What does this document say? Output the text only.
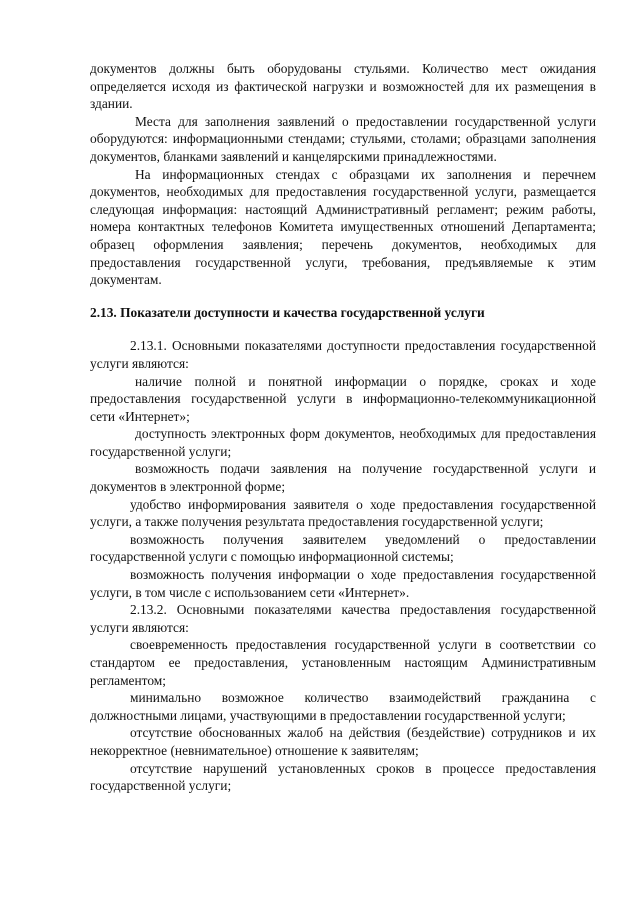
документов должны быть оборудованы стульями. Количество мест ожидания определяется исходя из фактической нагрузки и возможностей для их размещения в здании.

Места для заполнения заявлений о предоставлении государственной услуги оборудуются: информационными стендами; стульями, столами; образцами заполнения документов, бланками заявлений и канцелярскими принадлежностями.

На информационных стендах с образцами их заполнения и перечнем документов, необходимых для предоставления государственной услуги, размещается следующая информация: настоящий Административный регламент; режим работы, номера контактных телефонов Комитета имущественных отношений Департамента; образец оформления заявления; перечень документов, необходимых для предоставления государственной услуги, требования, предъявляемые к этим документам.

2.13. Показатели доступности и качества государственной услуги

2.13.1. Основными показателями доступности предоставления государственной услуги являются:

наличие полной и понятной информации о порядке, сроках и ходе предоставления государственной услуги в информационно-телекоммуникационной сети «Интернет»;

доступность электронных форм документов, необходимых для предоставления государственной услуги;

возможность подачи заявления на получение государственной услуги и документов в электронной форме;

удобство информирования заявителя о ходе предоставления государственной услуги, а также получения результата предоставления государственной услуги;

возможность получения заявителем уведомлений о предоставлении государственной услуги с помощью информационной системы;

возможность получения информации о ходе предоставления государственной услуги, в том числе с использованием сети «Интернет».

2.13.2. Основными показателями качества предоставления государственной услуги являются:

своевременность предоставления государственной услуги в соответствии со стандартом ее предоставления, установленным настоящим Административным регламентом;

минимально возможное количество взаимодействий гражданина с должностными лицами, участвующими в предоставлении государственной услуги;

отсутствие обоснованных жалоб на действия (бездействие) сотрудников и их некорректное (невнимательное) отношение к заявителям;

отсутствие нарушений установленных сроков в процессе предоставления государственной услуги;
